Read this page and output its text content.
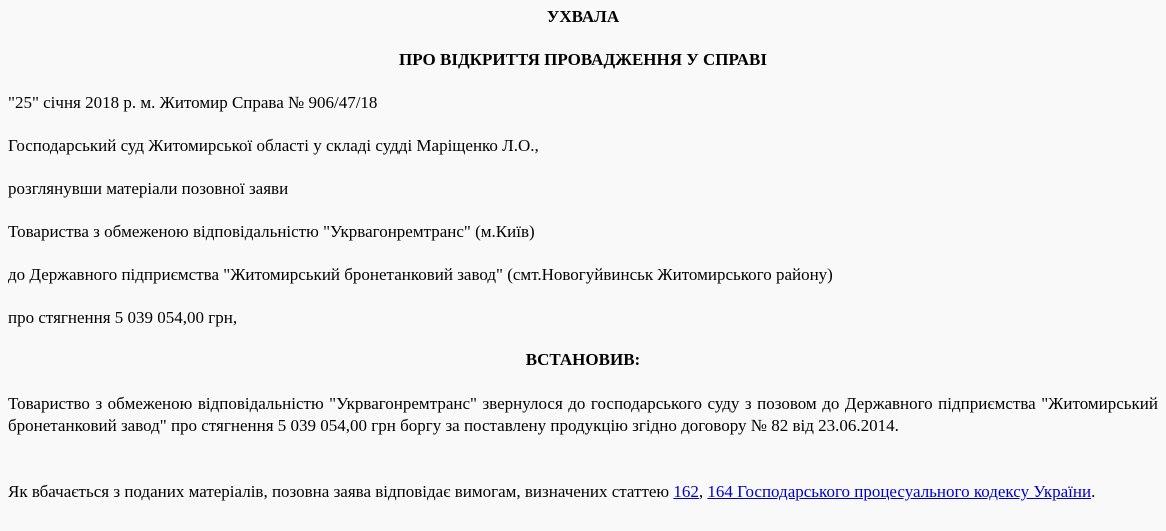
УХВАЛА

ПРО ВІДКРИТТЯ ПРОВАДЖЕННЯ У СПРАВІ

"25" січня 2018 р. м. Житомир Справа № 906/47/18

Господарський суд Житомирської області у складі судді Маріщенко Л.О.,

розглянувши матеріали позовної заяви

Товариства з обмеженою відповідальністю "Укрвагонремтранс" (м.Київ)

до Державного підприємства "Житомирський бронетанковий завод" (смт.Новогуйвинськ Житомирського району)

про стягнення 5 039 054,00 грн,

ВСТАНОВИВ:

Товариство з обмеженою відповідальністю "Укрвагонремтранс" звернулося до господарського суду з позовом до Державного підприємства "Житомирський бронетанковий завод" про стягнення 5 039 054,00 грн боргу за поставлену продукцію згідно договору № 82 від 23.06.2014.

Як вбачається з поданих матеріалів, позовна заява відповідає вимогам, визначених статтею 162, 164 Господарського процесуального кодексу України.
